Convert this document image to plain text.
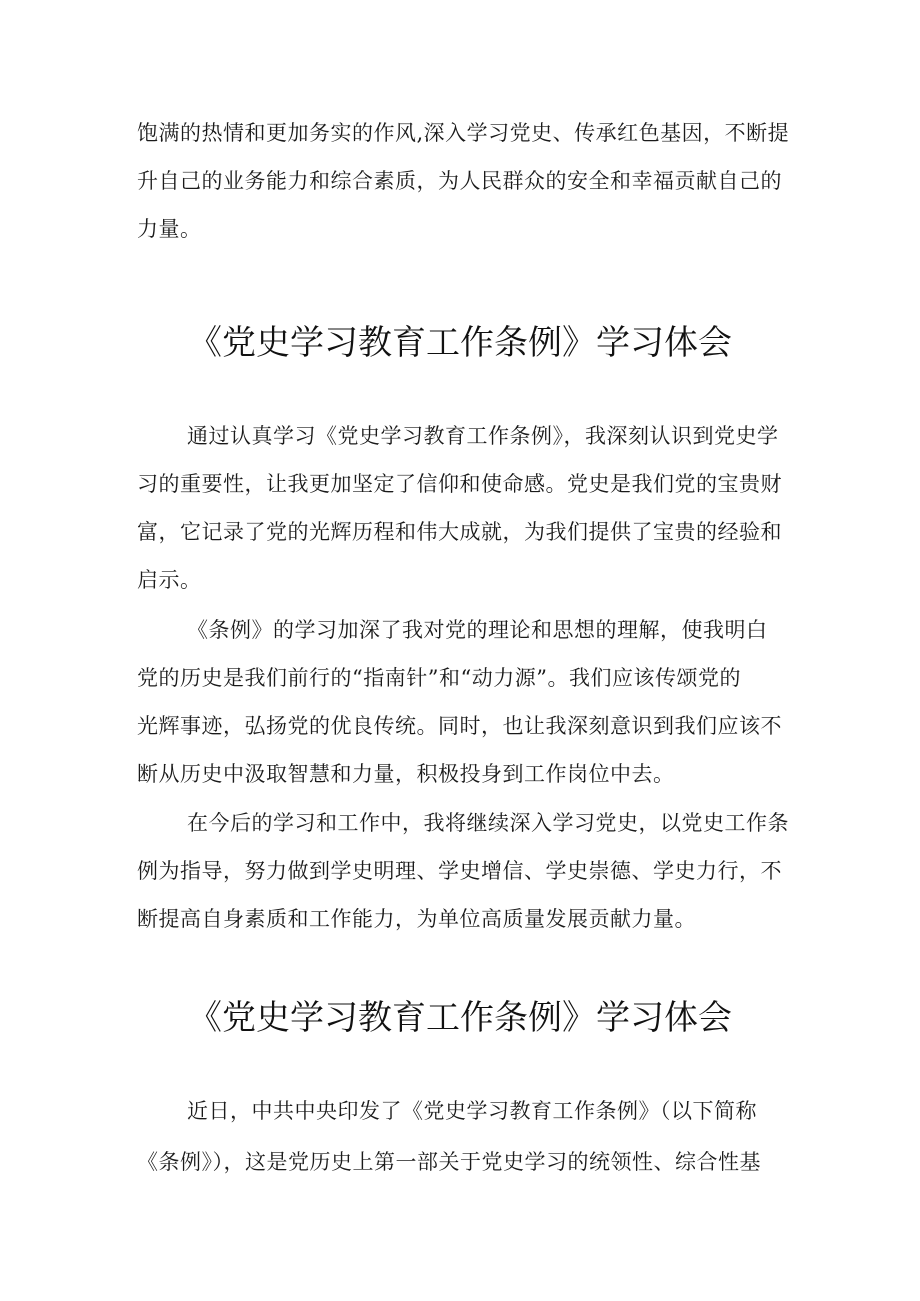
饱满的热情和更加务实的作风,深入学习党史、传承红色基因，不断提
升自己的业务能力和综合素质，为人民群众的安全和幸福贡献自己的
力量。
《党史学习教育工作条例》学习体会
通过认真学习《党史学习教育工作条例》，我深刻认识到党史学
习的重要性，让我更加坚定了信仰和使命感。党史是我们党的宝贵财
富，它记录了党的光辉历程和伟大成就，为我们提供了宝贵的经验和
启示。
《条例》的学习加深了我对党的理论和思想的理解，使我明白
党的历史是我们前行的“指南针”和“动力源”。我们应该传颂党的
光辉事迹，弘扬党的优良传统。同时，也让我深刻意识到我们应该不
断从历史中汲取智慧和力量，积极投身到工作岗位中去。
在今后的学习和工作中，我将继续深入学习党史，以党史工作条
例为指导，努力做到学史明理、学史增信、学史崇德、学史力行，不
断提高自身素质和工作能力，为单位高质量发展贡献力量。
《党史学习教育工作条例》学习体会
近日，中共中央印发了《党史学习教育工作条例》（以下简称
《条例》），这是党历史上第一部关于党史学习的统领性、综合性基
